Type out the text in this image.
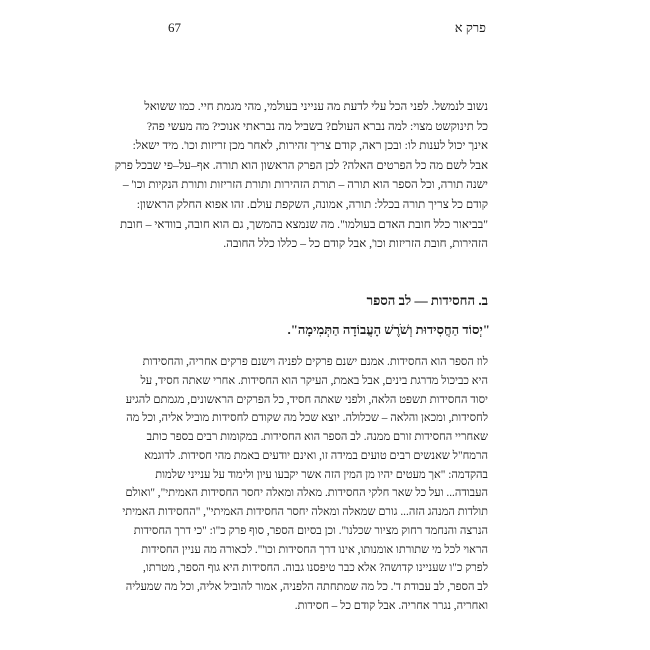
67	פרק א
נשוב לנמשל. לפני הכל עלי לדעת מה ענייני בעולמי, מהי מגמת חיי. כמו ששואל
כל תינוקשט מצוי: למה נברא העולם? בשביל מה נבראתי אנוכי? מה מעשי פה?
אינך יכול לענות לו: ובכן ראה, קודם צריך זהירות, לאחר מכן זריזות וכו'. מיד ישאל:
אבל לשם מה כל הפרטים האלה? לכן הפרק הראשון הוא תורה. אף–על–פי שבכל פרק
ישנה תורה, וכל הספר הוא תורה – תורת הזהירות ותורת הזריזות ותורת הנקיות וכו' –
קודם כל צריך תורה בכלל: תורה, אמונה, השקפת עולם. זהו אפוא החלק הראשון:
"בביאור כלל חובת האדם בעולמו". מה שנמצא בהמשך, גם הוא חובה, בוודאי – חובת
הזהירות, חובת הזריזות וכו', אבל קודם כל – כללו כלל החובה.
ב. החסידות — לב הספר
"יְסוֹד הַחֲסִידוּת וְשֹׁרֶשׁ הָעֲבוֹדָה הַתְּמִימָה".
לוז הספר הוא החסידות. אמנם ישנם פרקים לפניה וישנם פרקים אחריה, והחסידות
היא כביכול מדרגת בינים, אבל באמת, העיקר הוא החסידות. אחרי שאתה חסיד, על
יסוד החסידות תשפט הלאה, ולפני שאתה חסיד, כל הפרקים הראשונים, מגמתם להגיע
לחסידות, ומכאן והלאה – שכלולה. יוצא שכל מה שקודם לחסידות מוביל אליה, וכל מה
שאחריי החסידות זורם ממנה. לב הספר הוא החסידות. במקומות רבים בספר כותב
הרמח"ל שאנשים רבים טועים במידה זו, ואינם יודעים באמת מהי חסידות. לדוגמא
בהקדמה: "אך מעטים יהיו מן המין הזה אשר יקבעו עיון ולימוד על ענייני שלמות
העבודה... ועל כל שאר חלקי החסידות. מאלה ומאלה יחסר החסידות האמיתי", "ואולם
תולדות המנהג הזה... גורם שמאלה ומאלה יחסר החסידות האמיתי", "החסידות האמיתי
הנרצה והנחמד רחוק מציור שכלנו". וכן בסיום הספר, סוף פרק כ"ו: "כי דרך החסידות
הראוי לכל מי שתורתו אומנותו, אינו דרך החסידות וכו'". לכאורה מה עניין החסידות
לפרק כ"ו שעניינו קדושה? אלא כבר טיפסנו גבוה. החסידות היא גוף הספר, מטרתו,
לב הספר, לב עבודת ד'. כל מה שמתחתה הלפניה, אמור להוביל אליה, וכל מה שמעליה
ואחריה, נגרר אחריה. אבל קודם כל – חסידות.
